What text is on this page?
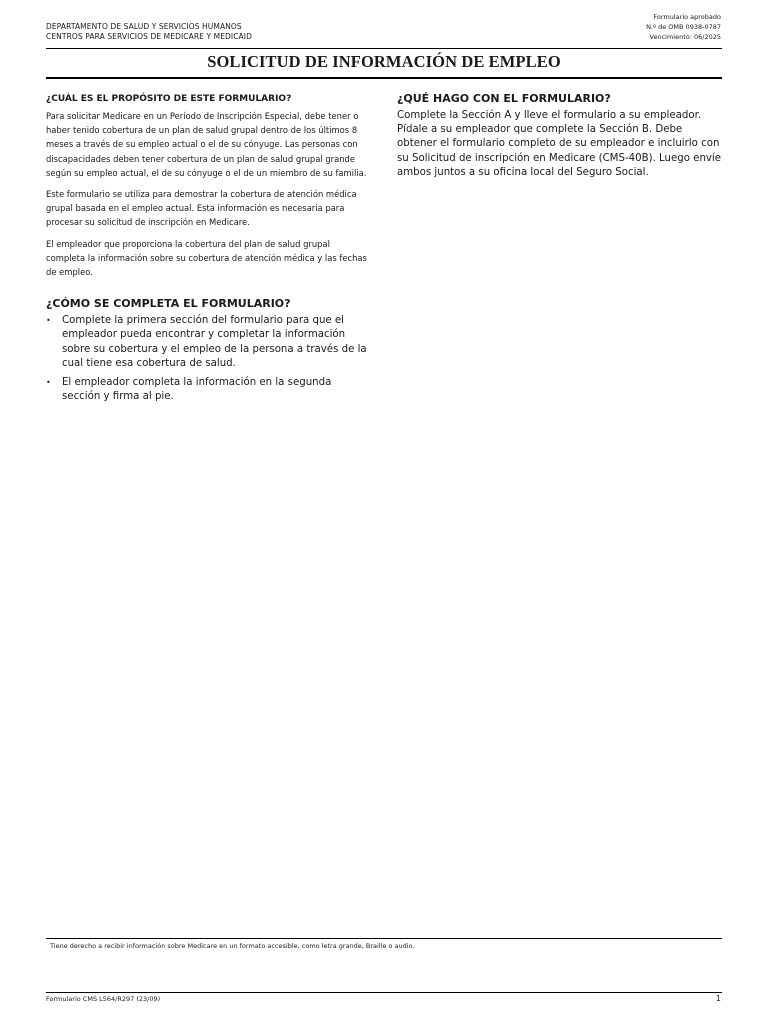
DEPARTAMENTO DE SALUD Y SERVICIOS HUMANOS
CENTROS PARA SERVICIOS DE MEDICARE Y MEDICAID
Formulario aprobado
N.º de OMB 0938-0787
Vencimiento: 06/2025
SOLICITUD DE INFORMACIÓN DE EMPLEO
¿CUÁL ES EL PROPÓSITO DE ESTE FORMULARIO?

Para solicitar Medicare en un Período de Inscripción Especial, debe tener o haber tenido cobertura de un plan de salud grupal dentro de los últimos 8 meses a través de su empleo actual o el de su cónyuge. Las personas con discapacidades deben tener cobertura de un plan de salud grupal grande según su empleo actual, el de su cónyuge o el de un miembro de su familia.

Este formulario se utiliza para demostrar la cobertura de atención médica grupal basada en el empleo actual. Esta información es necesaria para procesar su solicitud de inscripción en Medicare.

El empleador que proporciona la cobertura del plan de salud grupal completa la información sobre su cobertura de atención médica y las fechas de empleo.

¿CÓMO SE COMPLETA EL FORMULARIO?
• Complete la primera sección del formulario para que el empleador pueda encontrar y completar la información sobre su cobertura y el empleo de la persona a través de la cual tiene esa cobertura de salud.
• El empleador completa la información en la segunda sección y firma al pie.
¿QUÉ HAGO CON EL FORMULARIO?

Complete la Sección A y lleve el formulario a su empleador. Pídale a su empleador que complete la Sección B. Debe obtener el formulario completo de su empleador e incluirlo con su Solicitud de inscripción en Medicare (CMS-40B). Luego envíe ambos juntos a su oficina local del Seguro Social.

Tiene derecho a recibir información sobre Medicare en un formato accesible, como letra grande, Braille o audio.
Formulario CMS L564/R297 (23/09)	1
